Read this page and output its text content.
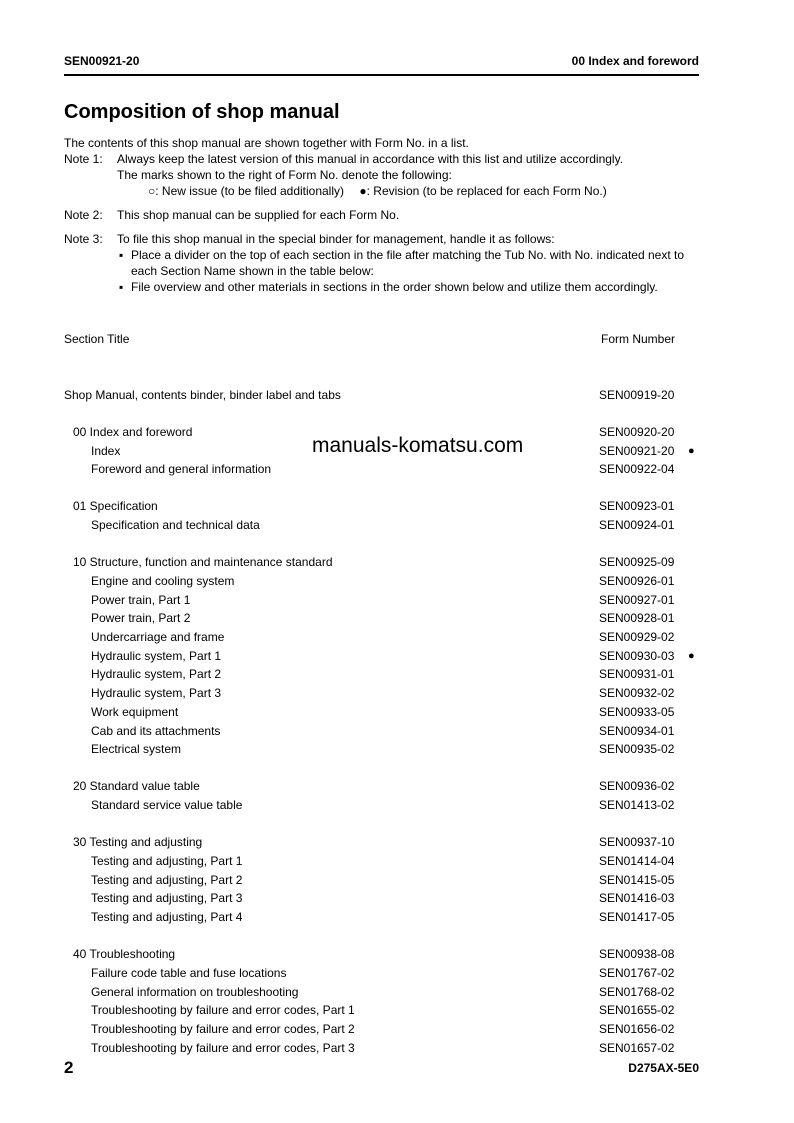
SEN00921-20	00 Index and foreword
Composition of shop manual
The contents of this shop manual are shown together with Form No. in a list.
Note 1: Always keep the latest version of this manual in accordance with this list and utilize accordingly.
The marks shown to the right of Form No. denote the following:
○: New issue (to be filed additionally) ●: Revision (to be replaced for each Form No.)
Note 2: This shop manual can be supplied for each Form No.
Note 3: To file this shop manual in the special binder for management, handle it as follows:
▪ Place a divider on the top of each section in the file after matching the Tub No. with No. indicated next to each Section Name shown in the table below:
▪ File overview and other materials in sections in the order shown below and utilize them accordingly.
Section Title	Form Number
Shop Manual, contents binder, binder label and tabs	SEN00919-20
00 Index and foreword	SEN00920-20
Index	SEN00921-20 ●
Foreword and general information	SEN00922-04
01 Specification	SEN00923-01
Specification and technical data	SEN00924-01
10 Structure, function and maintenance standard	SEN00925-09
Engine and cooling system	SEN00926-01
Power train, Part 1	SEN00927-01
Power train, Part 2	SEN00928-01
Undercarriage and frame	SEN00929-02
Hydraulic system, Part 1	SEN00930-03 ●
Hydraulic system, Part 2	SEN00931-01
Hydraulic system, Part 3	SEN00932-02
Work equipment	SEN00933-05
Cab and its attachments	SEN00934-01
Electrical system	SEN00935-02
20 Standard value table	SEN00936-02
Standard service value table	SEN01413-02
30 Testing and adjusting	SEN00937-10
Testing and adjusting, Part 1	SEN01414-04
Testing and adjusting, Part 2	SEN01415-05
Testing and adjusting, Part 3	SEN01416-03
Testing and adjusting, Part 4	SEN01417-05
40 Troubleshooting	SEN00938-08
Failure code table and fuse locations	SEN01767-02
General information on troubleshooting	SEN01768-02
Troubleshooting by failure and error codes, Part 1	SEN01655-02
Troubleshooting by failure and error codes, Part 2	SEN01656-02
Troubleshooting by failure and error codes, Part 3	SEN01657-02
manuals-komatsu.com
2	D275AX-5E0
